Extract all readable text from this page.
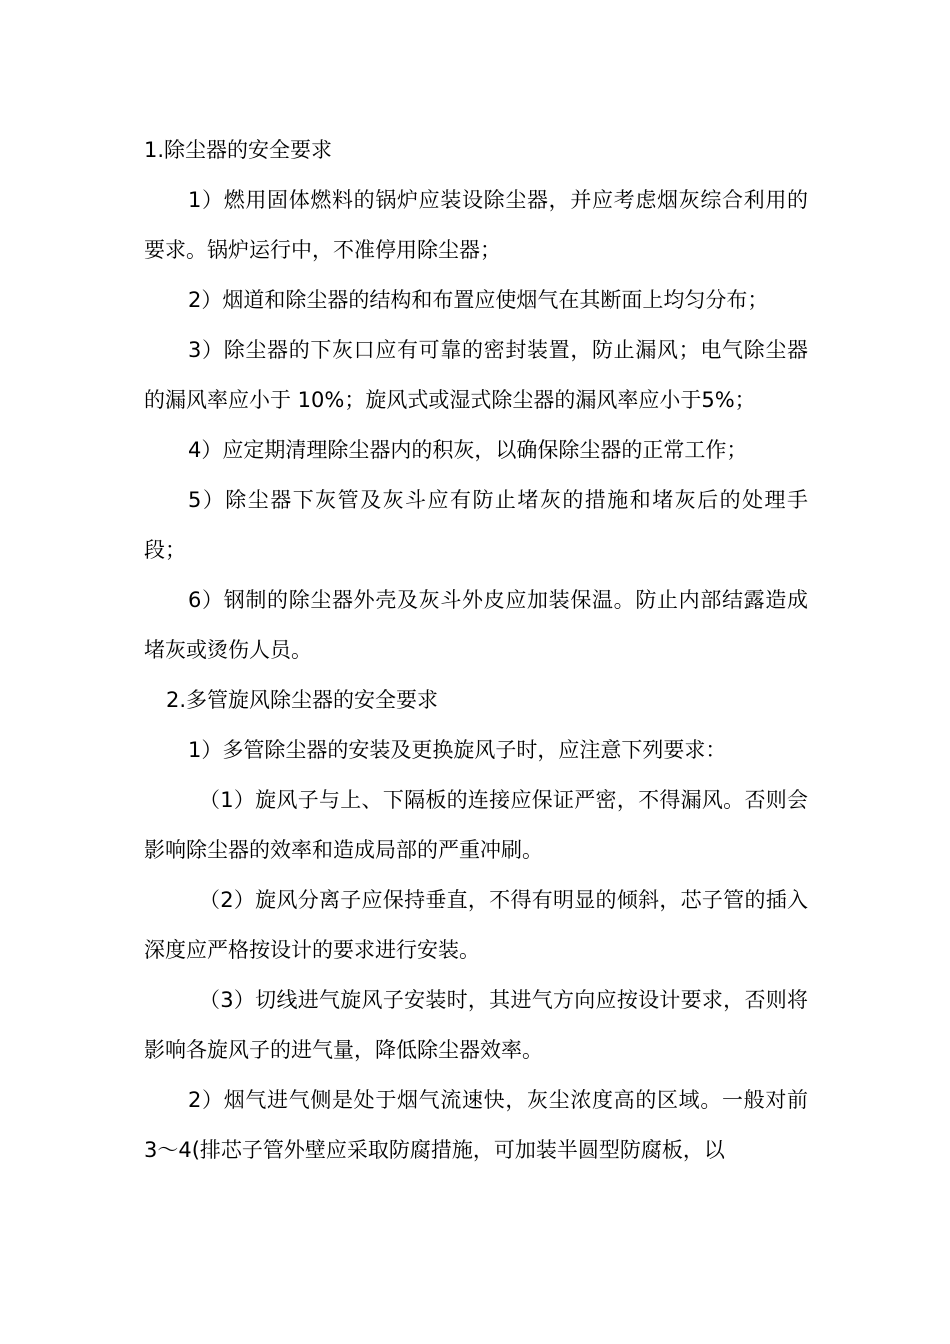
1.除尘器的安全要求

1）燃用固体燃料的锅炉应装设除尘器，并应考虑烟灰综合利用的要求。锅炉运行中，不准停用除尘器；

2）烟道和除尘器的结构和布置应使烟气在其断面上均匀分布；

3）除尘器的下灰口应有可靠的密封装置，防止漏风；电气除尘器的漏风率应小于 10%；旋风式或湿式除尘器的漏风率应小于5%；

4）应定期清理除尘器内的积灰，以确保除尘器的正常工作；

5）除尘器下灰管及灰斗应有防止堵灰的措施和堵灰后的处理手段；

6）钢制的除尘器外壳及灰斗外皮应加装保温。防止内部结露造成堵灰或烫伤人员。

2.多管旋风除尘器的安全要求

1）多管除尘器的安装及更换旋风子时，应注意下列要求：

（1）旋风子与上、下隔板的连接应保证严密，不得漏风。否则会影响除尘器的效率和造成局部的严重冲刷。

（2）旋风分离子应保持垂直，不得有明显的倾斜，芯子管的插入深度应严格按设计的要求进行安装。

（3）切线进气旋风子安装时，其进气方向应按设计要求，否则将影响各旋风子的进气量，降低除尘器效率。

2）烟气进气侧是处于烟气流速快，灰尘浓度高的区域。一般对前 3～4(排芯子管外壁应采取防腐措施，可加装半圆型防腐板，以
